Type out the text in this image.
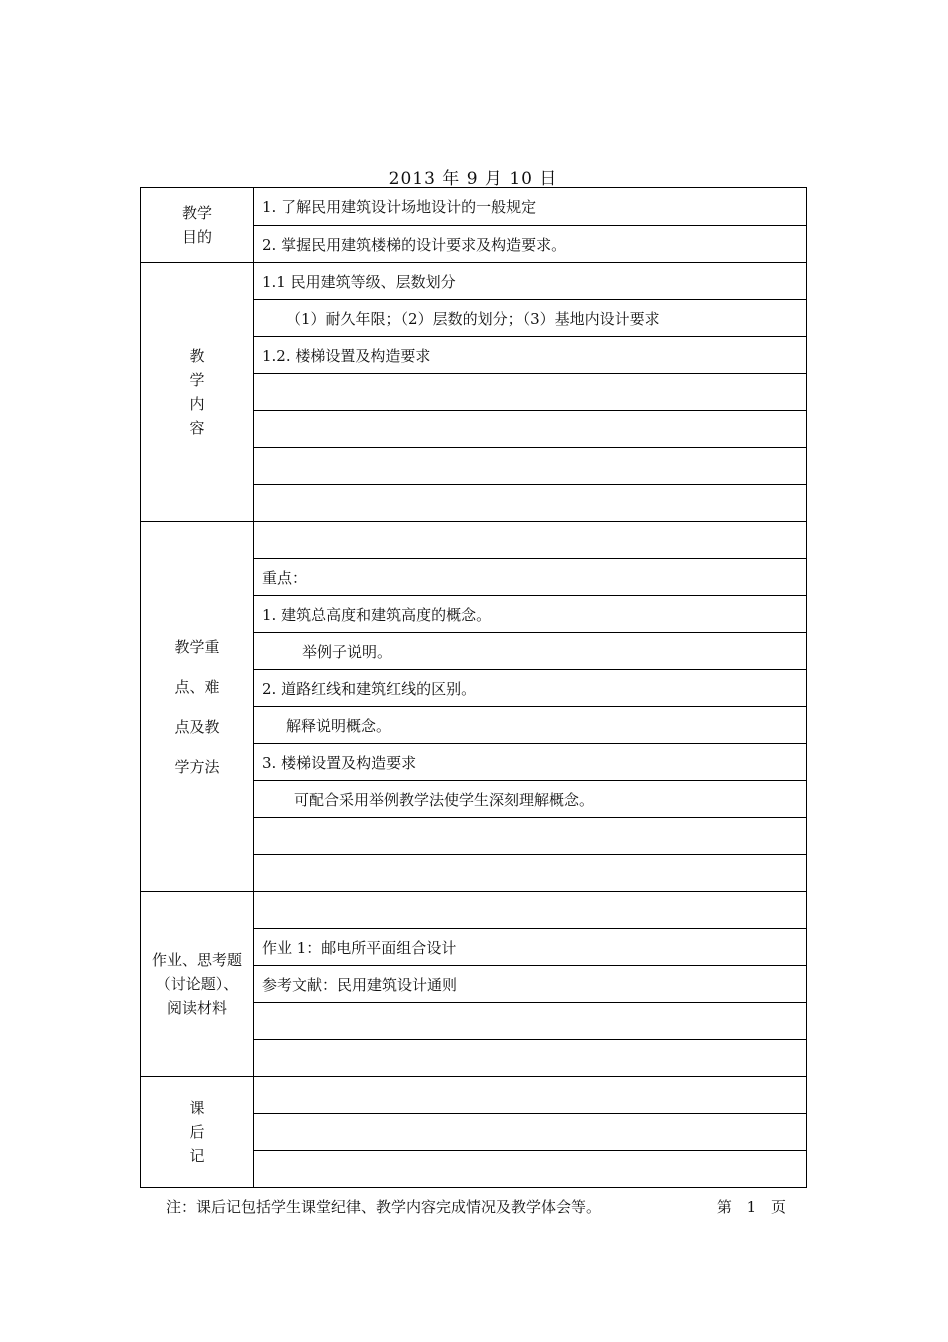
2013 年 9 月 10 日
教学
目的	1. 了解民用建筑设计场地设计的一般规定
	2. 掌握民用建筑楼梯的设计要求及构造要求。

教
学
内
容	1.1 民用建筑等级、层数划分
	（1）耐久年限；（2）层数的划分；（3）基地内设计要求
	1.2. 楼梯设置及构造要求

教学重
点、难
点及教
学方法	

	重点：
	1. 建筑总高度和建筑高度的概念。
	举例子说明。
	2. 道路红线和建筑红线的区别。
	解释说明概念。
	3. 楼梯设置及构造要求
	可配合采用举例教学法使学生深刻理解概念。

作业、思考题
（讨论题）、
阅读材料	

	作业 1：邮电所平面组合设计
	参考文献：民用建筑设计通则

课
后
记	

注：课后记包括学生课堂纪律、教学内容完成情况及教学体会等。	第 1 页
